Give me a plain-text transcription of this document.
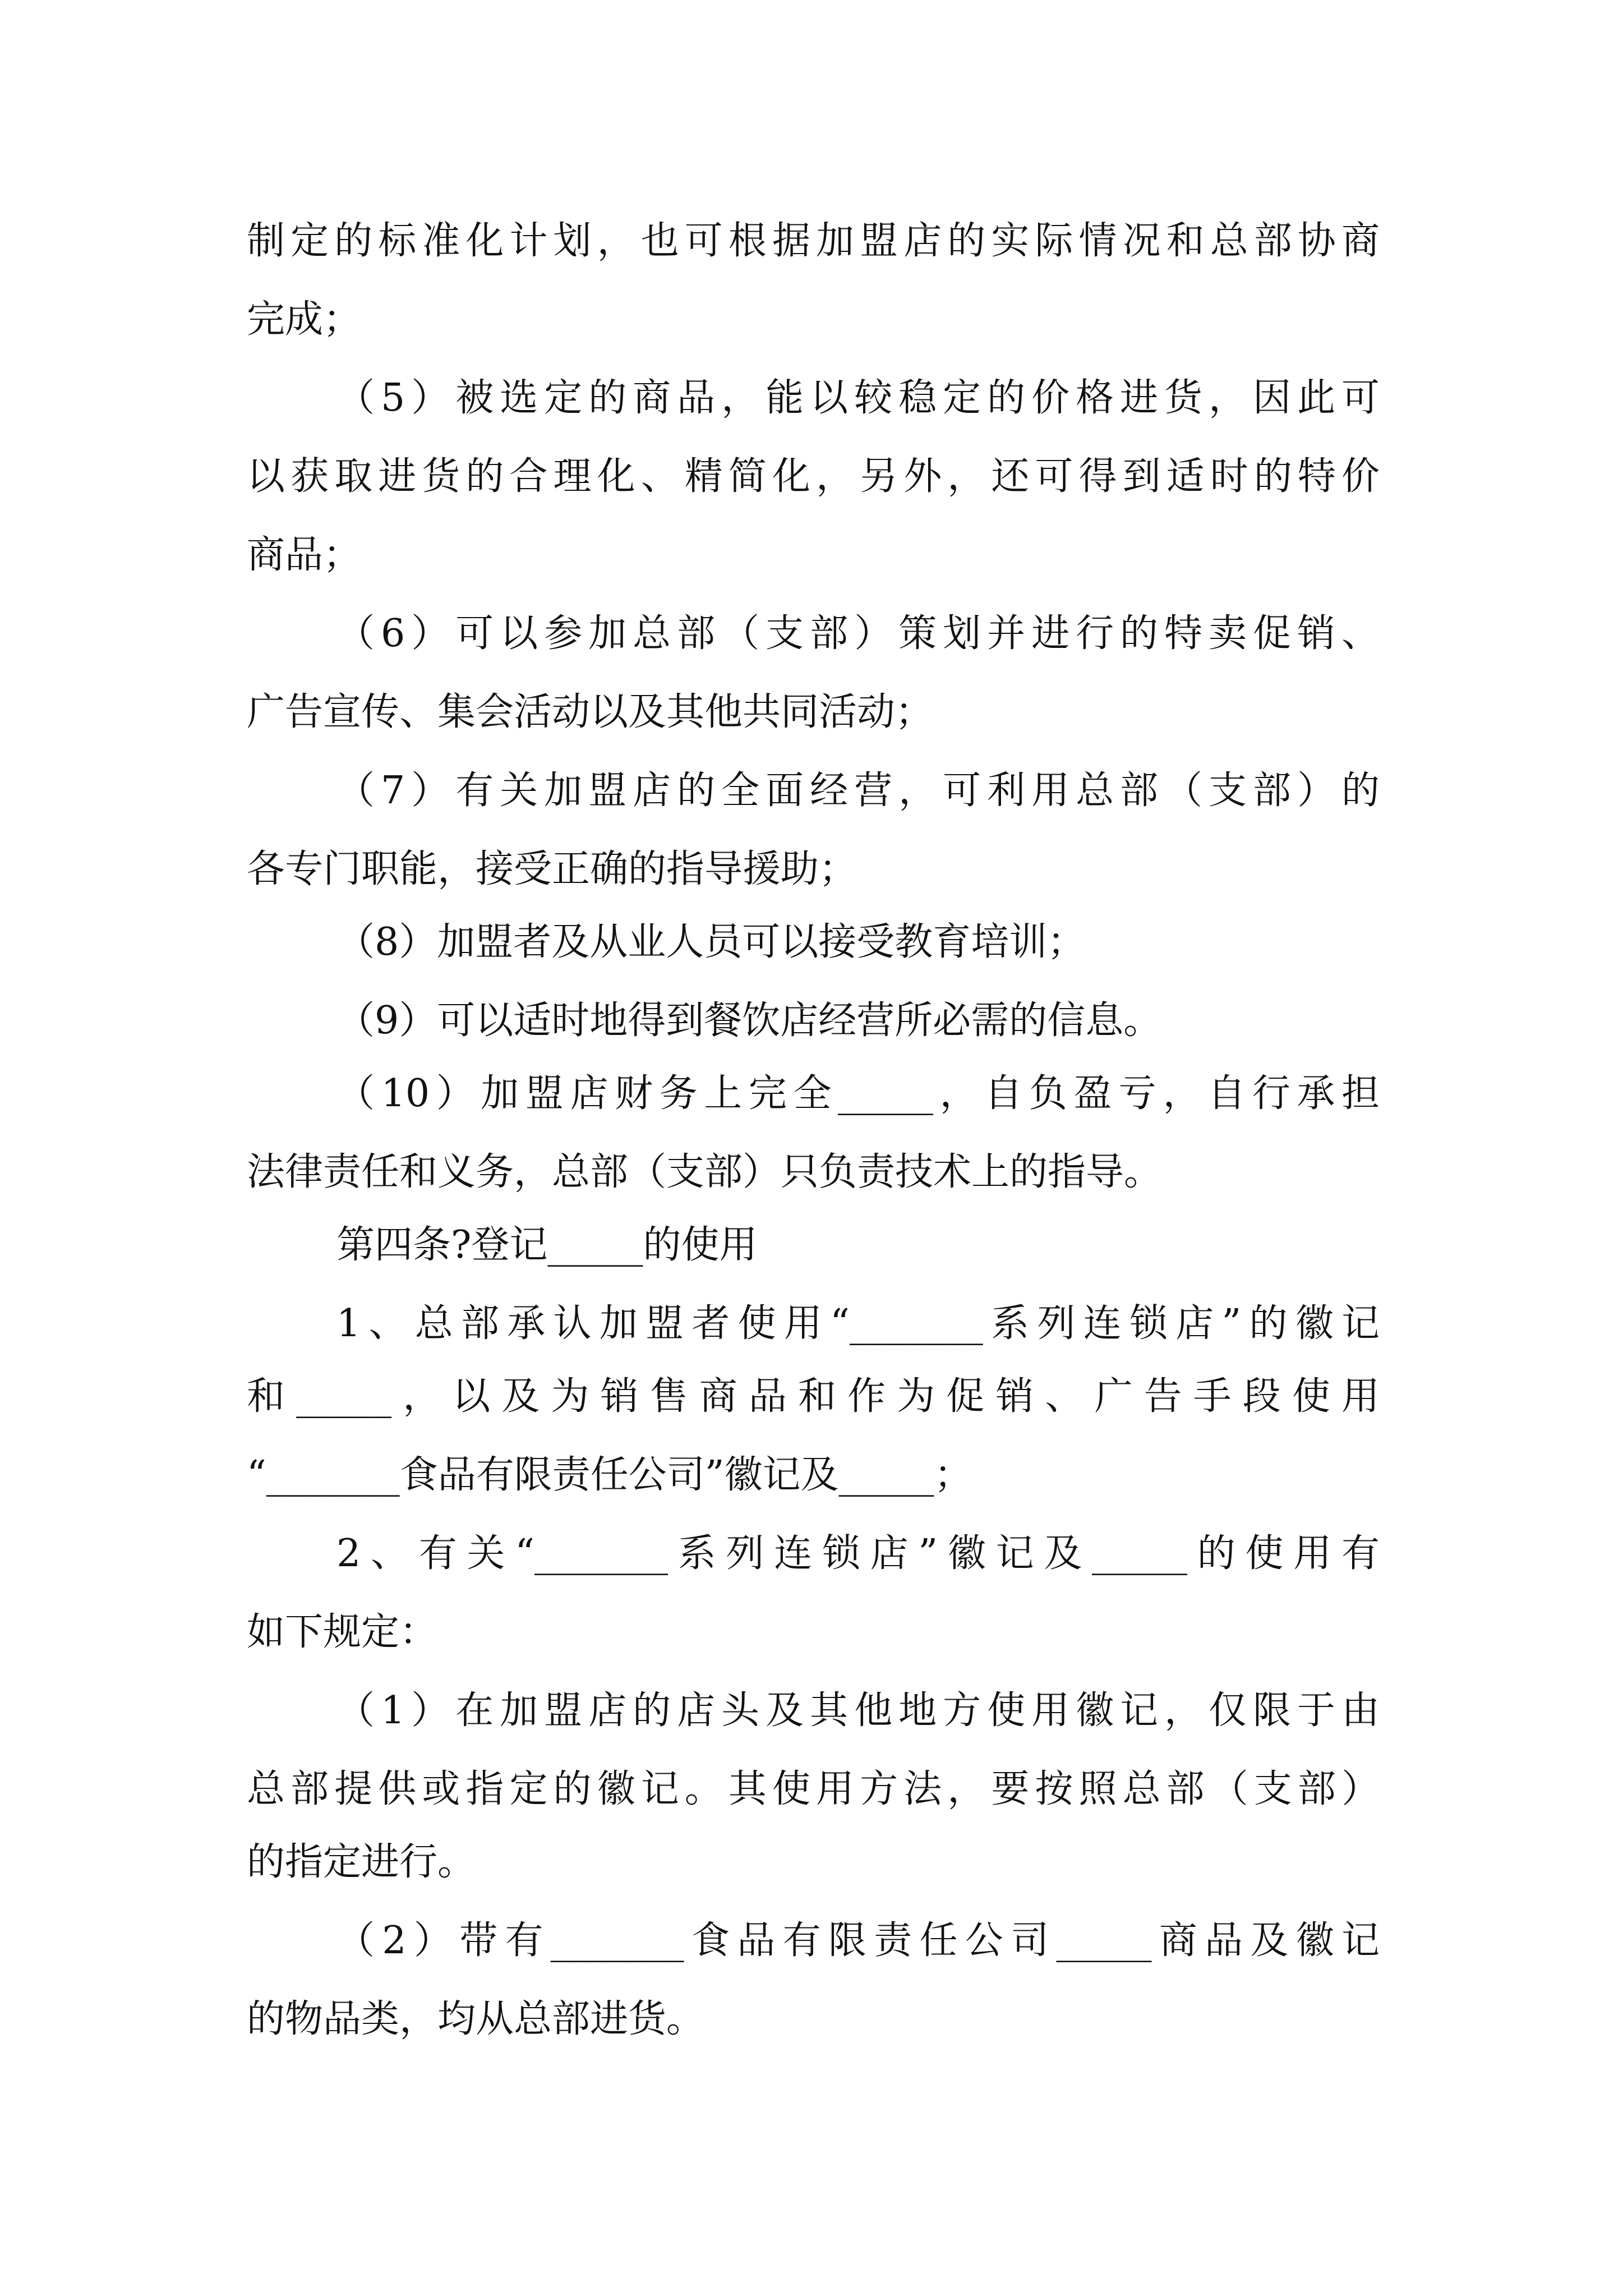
制定的标准化计划，也可根据加盟店的实际情况和总部协商
完成；
（5）被选定的商品，能以较稳定的价格进货，因此可
以获取进货的合理化、精简化，另外，还可得到适时的特价
商品；
（6）可以参加总部（支部）策划并进行的特卖促销、
广告宣传、集会活动以及其他共同活动；
（7）有关加盟店的全面经营，可利用总部（支部）的
各专门职能，接受正确的指导援助；
（8）加盟者及从业人员可以接受教育培训；
（9）可以适时地得到餐饮店经营所必需的信息。
（10）加盟店财务上完全_____，自负盈亏，自行承担
法律责任和义务，总部（支部）只负责技术上的指导。
第四条?登记_____的使用
1、总部承认加盟者使用“_______系列连锁店”的徽记
和_____，以及为销售商品和作为促销、广告手段使用
“_______食品有限责任公司”徽记及_____；
2、有关“_______系列连锁店”徽记及_____的使用有
如下规定：
（1）在加盟店的店头及其他地方使用徽记，仅限于由
总部提供或指定的徽记。其使用方法，要按照总部（支部）
的指定进行。
（2）带有_______食品有限责任公司_____商品及徽记
的物品类，均从总部进货。
